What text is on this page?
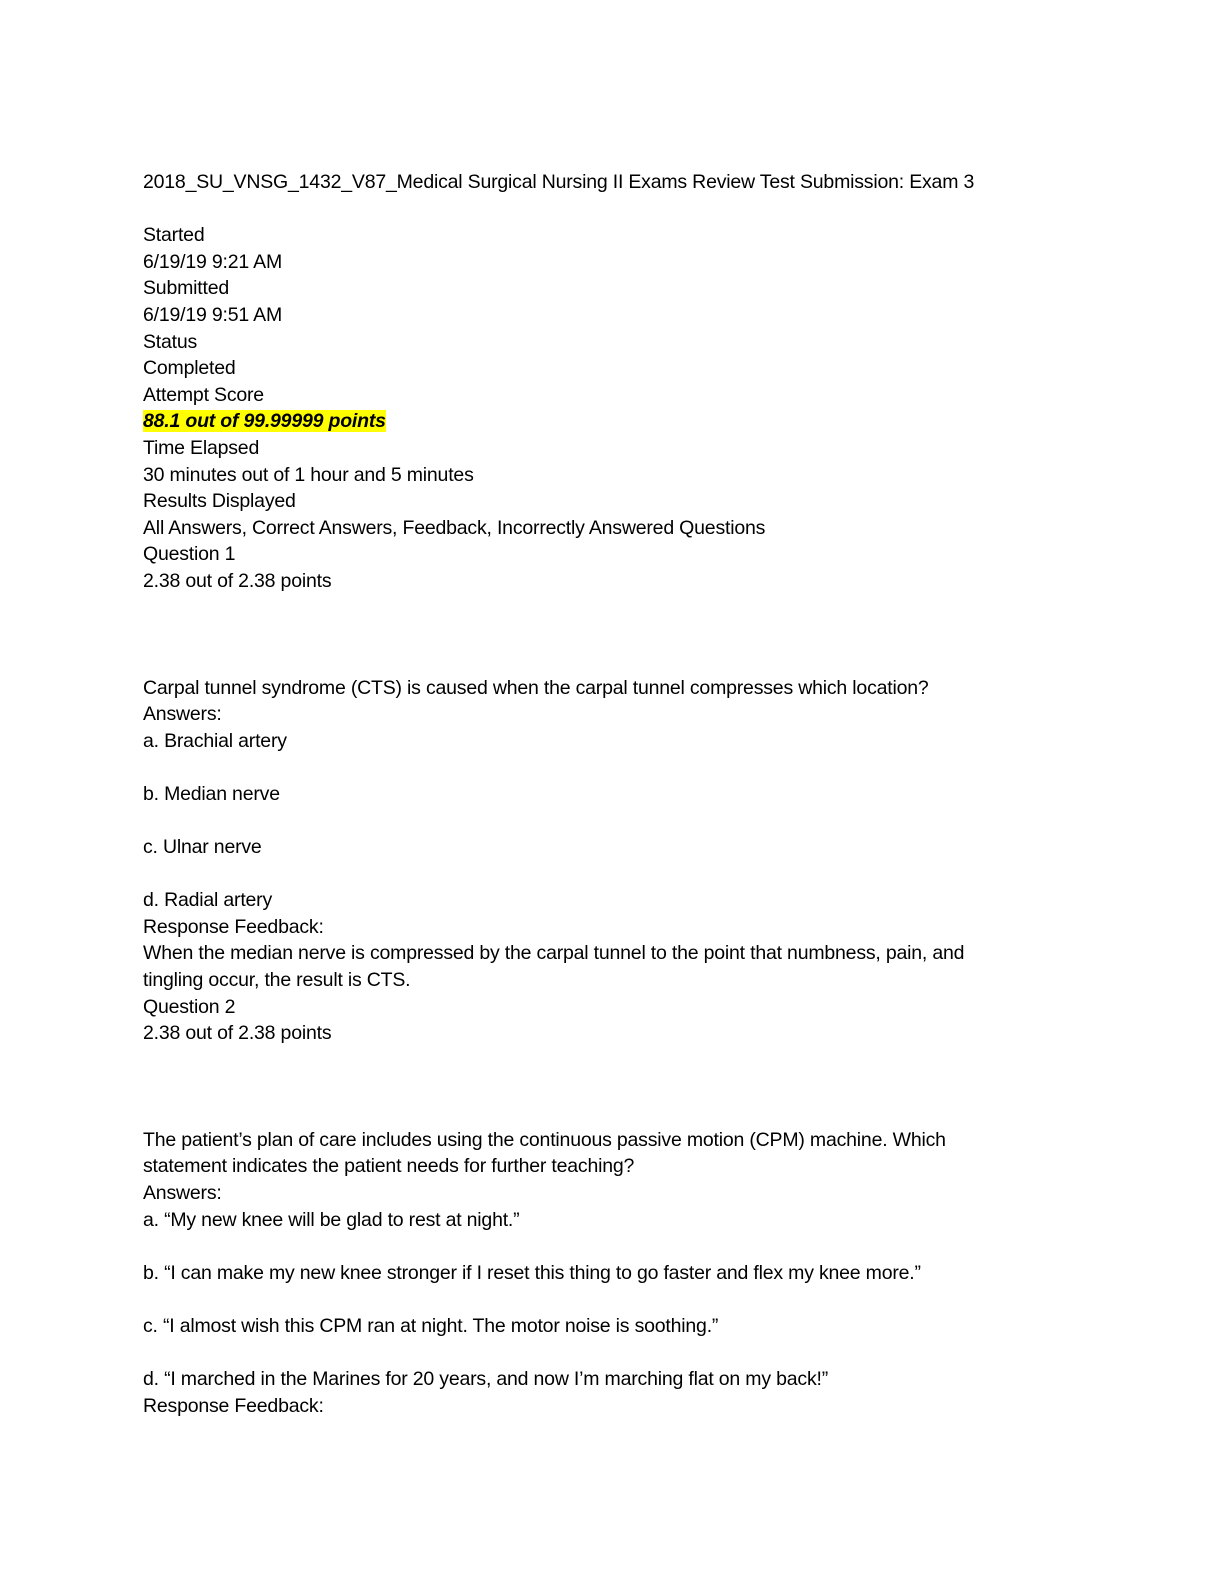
2018_SU_VNSG_1432_V87_Medical Surgical Nursing II Exams Review Test Submission: Exam 3
Started
6/19/19 9:21 AM
Submitted
6/19/19 9:51 AM
Status
Completed
Attempt Score
88.1 out of 99.99999 points
Time Elapsed
30 minutes out of 1 hour and 5 minutes
Results Displayed
All Answers, Correct Answers, Feedback, Incorrectly Answered Questions
Question 1
2.38 out of 2.38 points
Carpal tunnel syndrome (CTS) is caused when the carpal tunnel compresses which location?
Answers:
a. Brachial artery
b. Median nerve
c. Ulnar nerve
d. Radial artery
Response Feedback:
When the median nerve is compressed by the carpal tunnel to the point that numbness, pain, and tingling occur, the result is CTS.
Question 2
2.38 out of 2.38 points
The patient’s plan of care includes using the continuous passive motion (CPM) machine. Which statement indicates the patient needs for further teaching?
Answers:
a. “My new knee will be glad to rest at night.”
b. “I can make my new knee stronger if I reset this thing to go faster and flex my knee more.”
c. “I almost wish this CPM ran at night. The motor noise is soothing.”
d. “I marched in the Marines for 20 years, and now I’m marching flat on my back!”
Response Feedback:
